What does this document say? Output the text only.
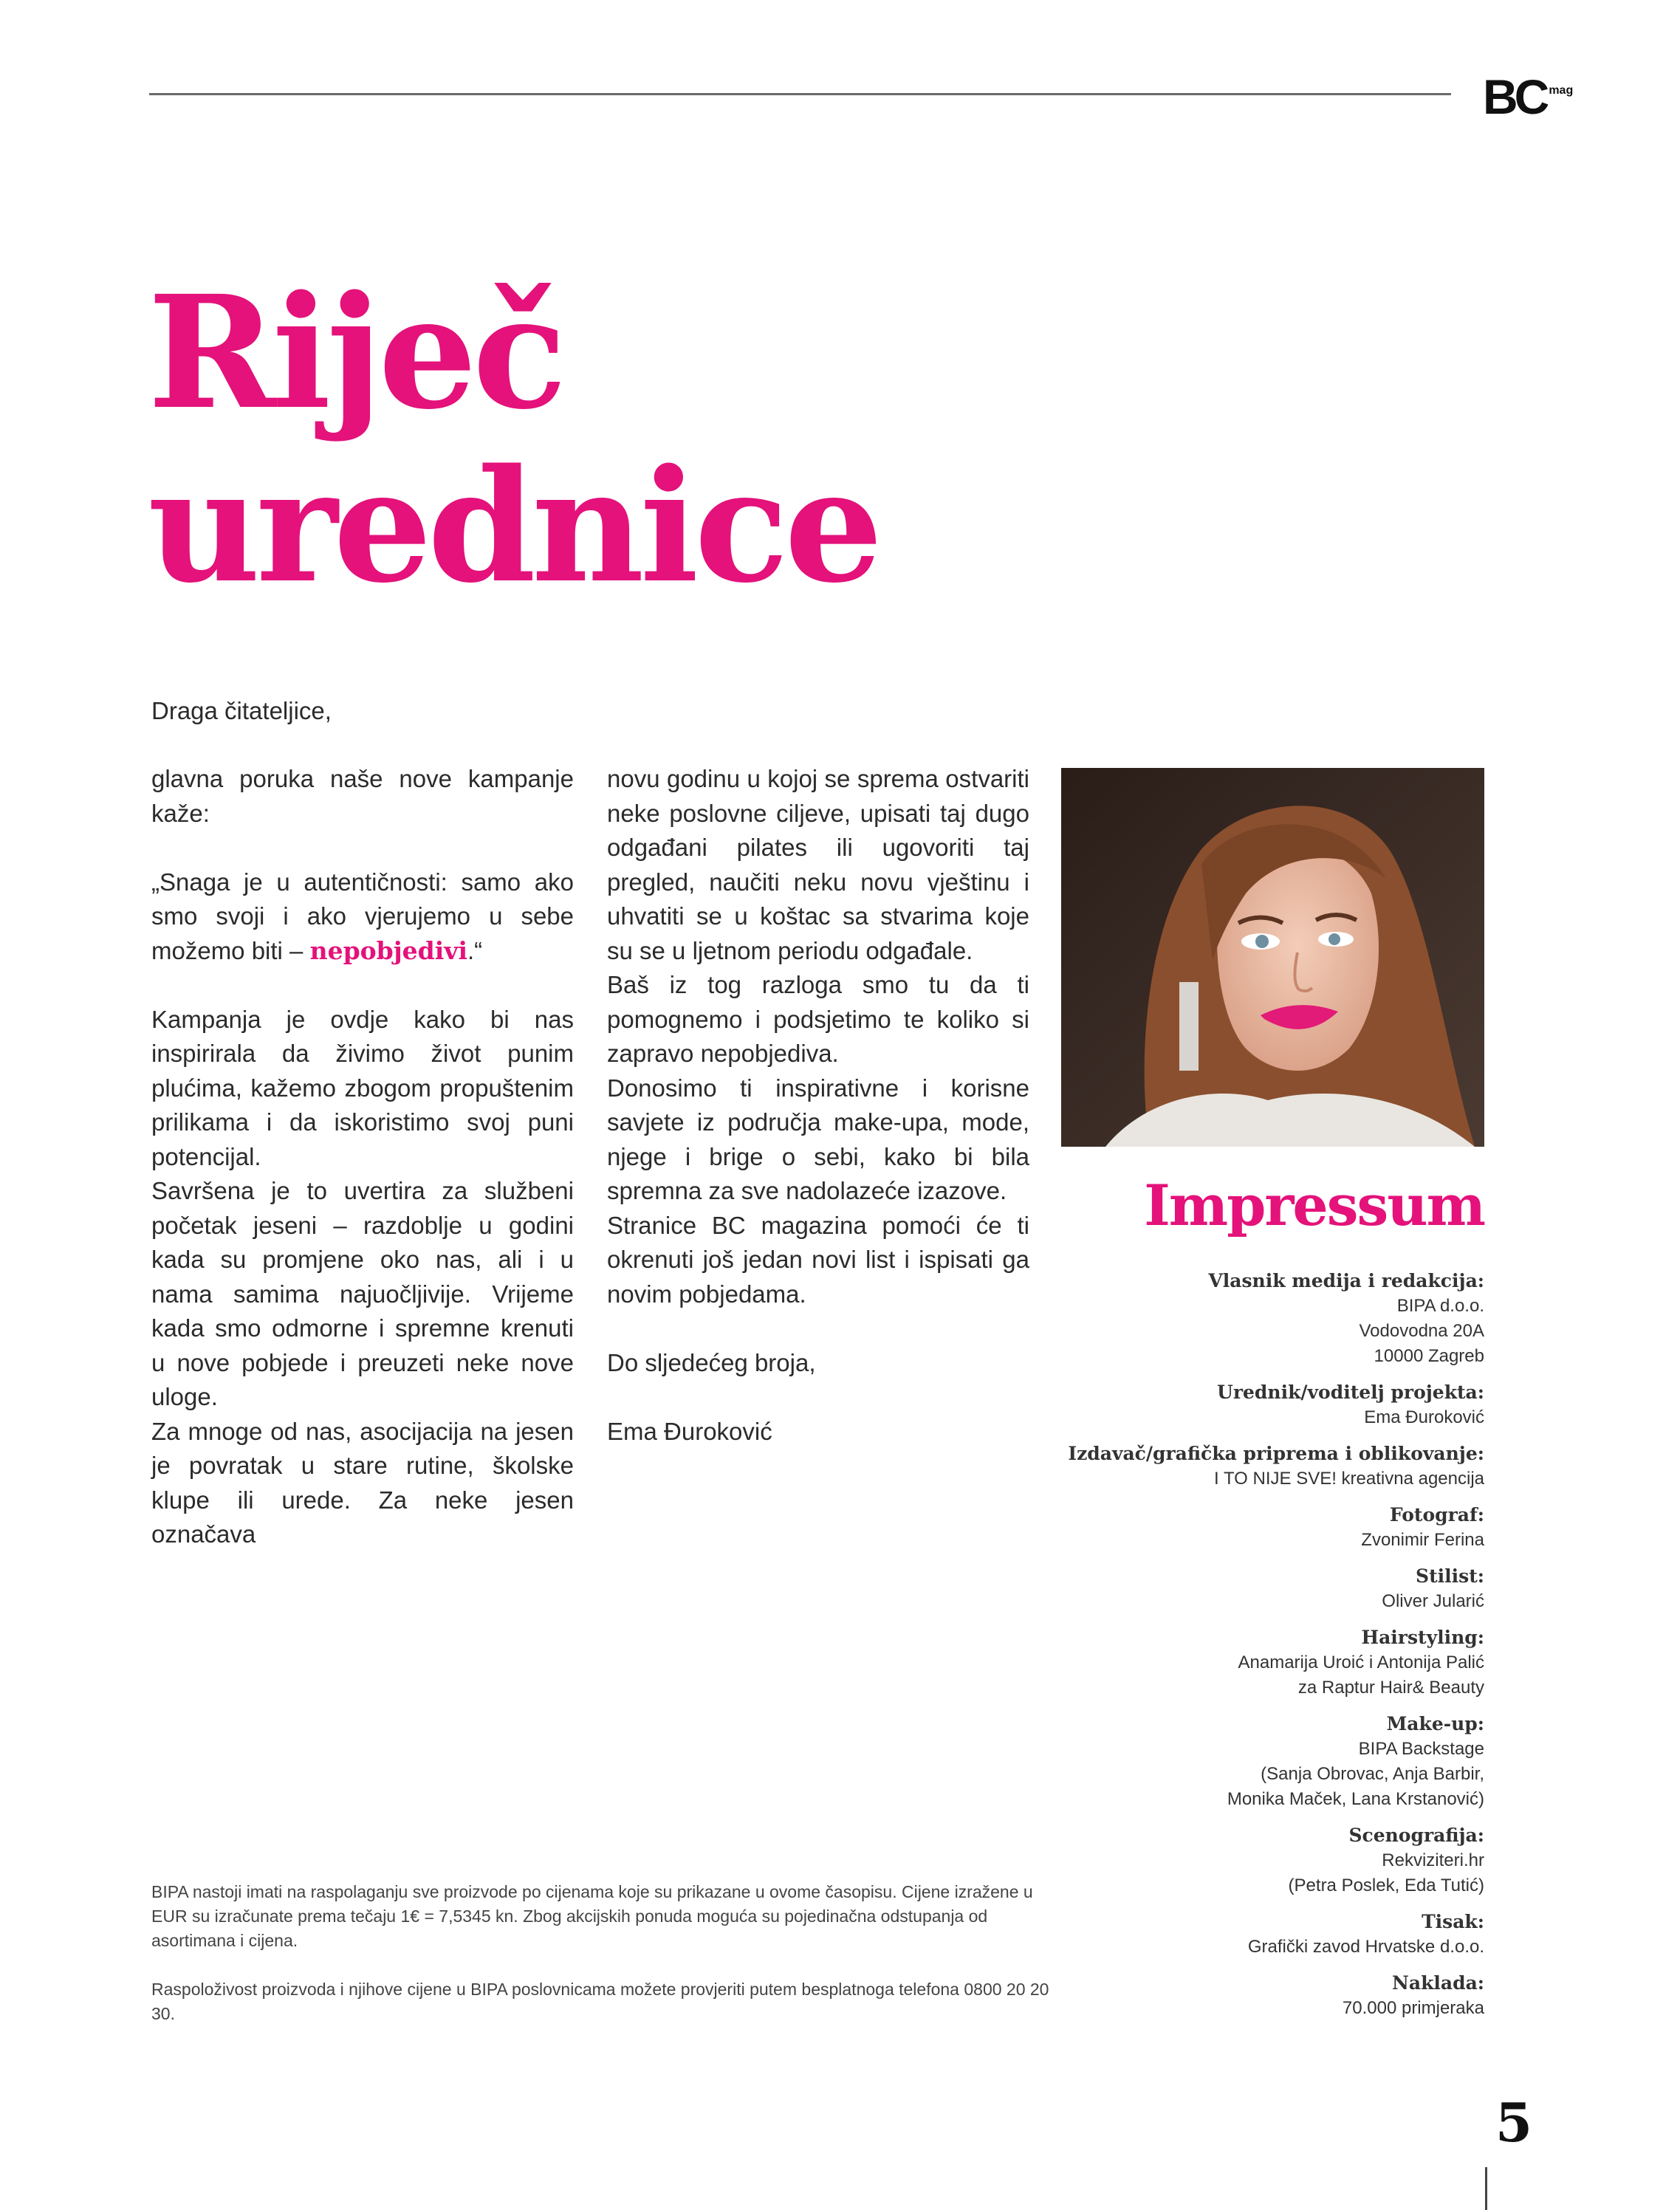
BC mag
Riječ
urednice

Draga čitateljice,

glavna poruka naše nove kampanje kaže:

„Snaga je u autentičnosti: samo ako smo svoji i ako vjerujemo u sebe možemo biti – nepobjedivi.“

Kampanja je ovdje kako bi nas inspirirala da živimo život punim plućima, kažemo zbogom propuštenim prilikama i da iskoristimo svoj puni potencijal.

Savršena je to uvertira za službeni početak jeseni – razdoblje u godini kada su promjene oko nas, ali i u nama samima najuočljivije. Vrijeme kada smo odmorne i spremne krenuti u nove pobjede i preuzeti neke nove uloge.

Za mnoge od nas, asocijacija na jesen je povratak u stare rutine, školske klupe ili urede. Za neke jesen označava

novu godinu u kojoj se sprema ostvariti neke poslovne ciljeve, upisati taj dugo odgađani pilates ili ugovoriti taj pregled, naučiti neku novu vještinu i uhvatiti se u koštac sa stvarima koje su se u ljetnom periodu odgađale.

Baš iz tog razloga smo tu da ti pomognemo i podsjetimo te koliko si zapravo nepobjediva.

Donosimo ti inspirativne i korisne savjete iz područja make-upa, mode, njege i brige o sebi, kako bi bila spremna za sve nadolazeće izazove.

Stranice BC magazina pomoći će ti okrenuti još jedan novi list i ispisati ga novim pobjedama.

Do sljedećeg broja,

Ema Đuroković

Impressum
Vlasnik medija i redakcija:
BIPA d.o.o.
Vodovodna 20A
10000 Zagreb
Urednik/voditelj projekta:
Ema Đuroković
Izdavač/grafička priprema i oblikovanje:
I TO NIJE SVE! kreativna agencija
Fotograf:
Zvonimir Ferina
Stilist:
Oliver Jularić
Hairstyling:
Anamarija Uroić i Antonija Palić
za Raptur Hair& Beauty
Make-up:
BIPA Backstage
(Sanja Obrovac, Anja Barbir,
Monika Maček, Lana Krstanović)
Scenografija:
Rekviziteri.hr
(Petra Poslek, Eda Tutić)
Tisak:
Grafički zavod Hrvatske d.o.o.
Naklada:
70.000 primjeraka

BIPA nastoji imati na raspolaganju sve proizvode po cijenama koje su prikazane u ovome časopisu. Cijene izražene u EUR su izračunate prema tečaju 1€ = 7,5345 kn. Zbog akcijskih ponuda moguća su pojedinačna odstupanja od asortimana i cijena.

Raspoloživost proizvoda i njihove cijene u BIPA poslovnicama možete provjeriti putem besplatnoga telefona 0800 20 20 30.

5
